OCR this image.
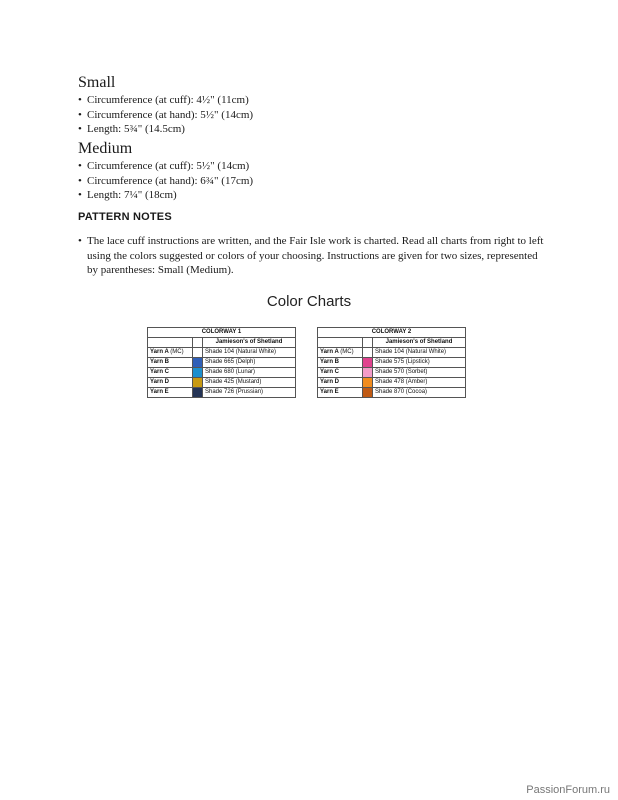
Small
• Circumference (at cuff): 4½" (11cm)
• Circumference (at hand): 5½" (14cm)
• Length: 5¾" (14.5cm)
Medium
• Circumference (at cuff): 5½" (14cm)
• Circumference (at hand): 6¾" (17cm)
• Length: 7¼" (18cm)
PATTERN NOTES
• The lace cuff instructions are written, and the Fair Isle work is charted. Read all charts from right to left using the colors suggested or colors of your choosing. Instructions are given for two sizes, represented by parentheses: Small (Medium).
Color Charts
COLORWAY 1		
		Jamieson's of Shetland
Yarn A (MC)		Shade 104 (Natural White)
Yarn B		Shade 665 (Delph)
Yarn C		Shade 680 (Lunar)
Yarn D		Shade 425 (Mustard)
Yarn E		Shade 726 (Prussian)
COLORWAY 2		
		Jamieson's of Shetland
Yarn A (MC)		Shade 104 (Natural White)
Yarn B		Shade 575 (Lipstick)
Yarn C		Shade 570 (Sorbet)
Yarn D		Shade 478 (Amber)
Yarn E		Shade 870 (Cocoa)
PassionForum.ru
